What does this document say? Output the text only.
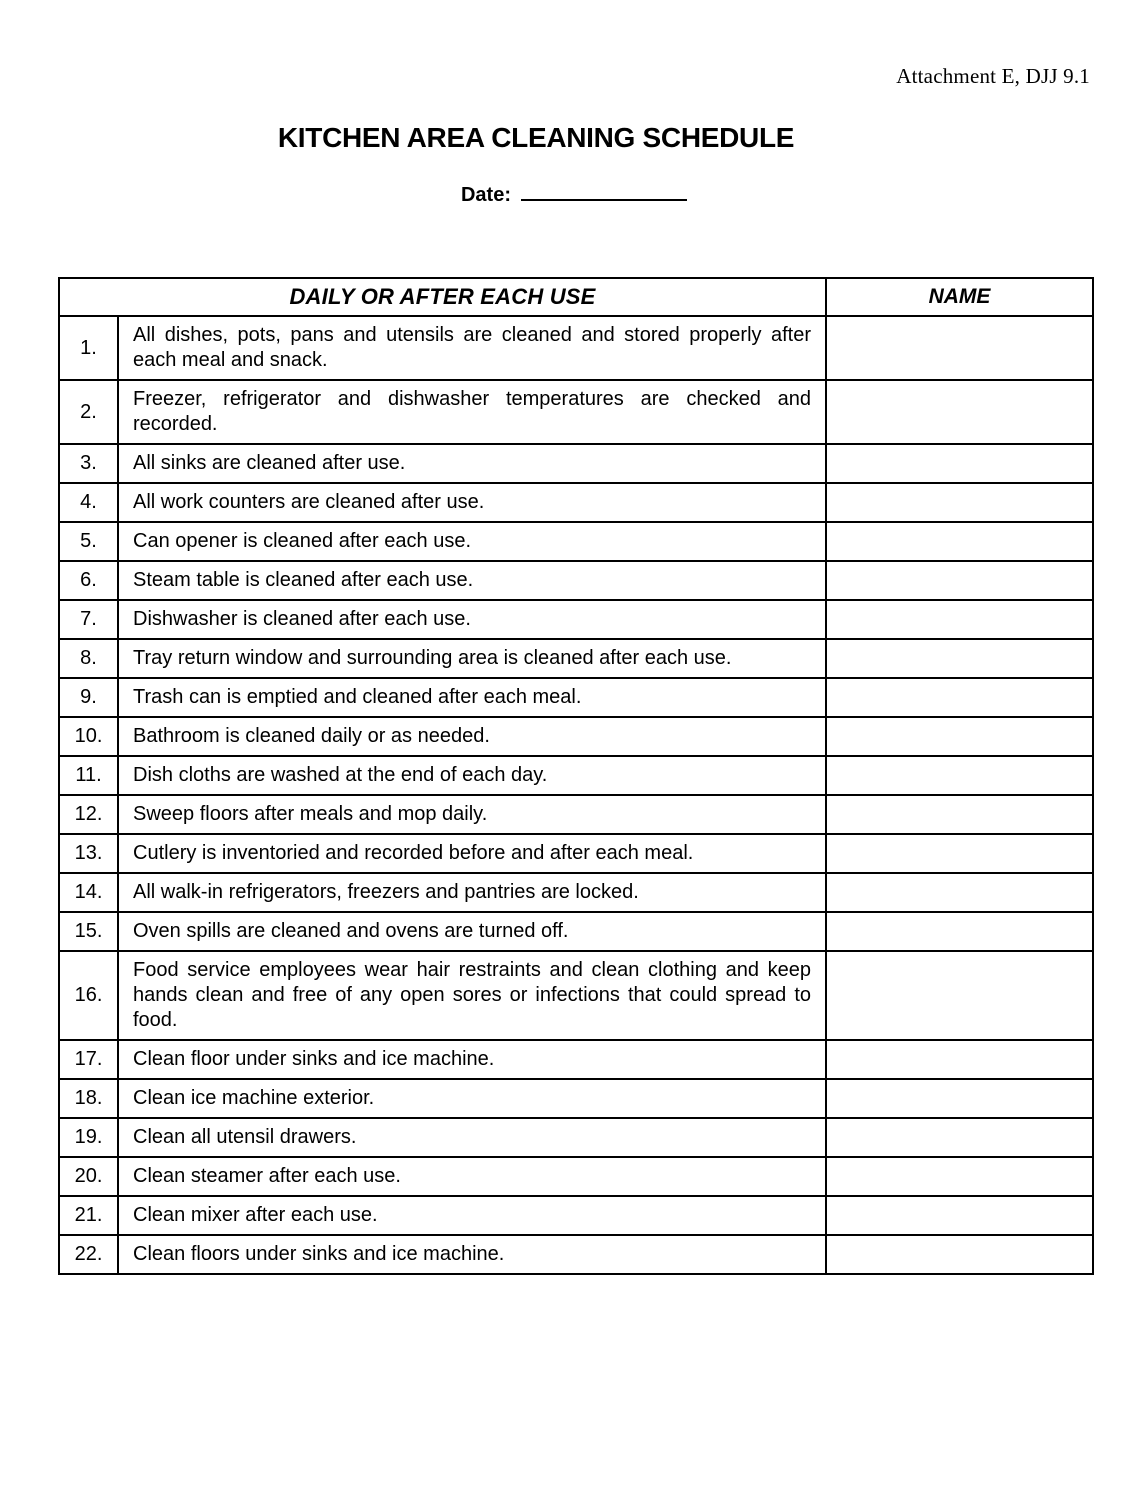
Attachment E, DJJ 9.1
KITCHEN AREA CLEANING SCHEDULE
Date:
DAILY OR AFTER EACH USE		NAME
1.	All dishes, pots, pans and utensils are cleaned and stored properly after each meal and snack.	
2.	Freezer, refrigerator and dishwasher temperatures are checked and recorded.	
3.	All sinks are cleaned after use.	
4.	All work counters are cleaned after use.	
5.	Can opener is cleaned after each use.	
6.	Steam table is cleaned after each use.	
7.	Dishwasher is cleaned after each use.	
8.	Tray return window and surrounding area is cleaned after each use.	
9.	Trash can is emptied and cleaned after each meal.	
10.	Bathroom is cleaned daily or as needed.	
11.	Dish cloths are washed at the end of each day.	
12.	Sweep floors after meals and mop daily.	
13.	Cutlery is inventoried and recorded before and after each meal.	
14.	All walk-in refrigerators, freezers and pantries are locked.	
15.	Oven spills are cleaned and ovens are turned off.	
16.	Food service employees wear hair restraints and clean clothing and keep hands clean and free of any open sores or infections that could spread to food.	
17.	Clean floor under sinks and ice machine.	
18.	Clean ice machine exterior.	
19.	Clean all utensil drawers.	
20.	Clean steamer after each use.	
21.	Clean mixer after each use.	
22.	Clean floors under sinks and ice machine.	
